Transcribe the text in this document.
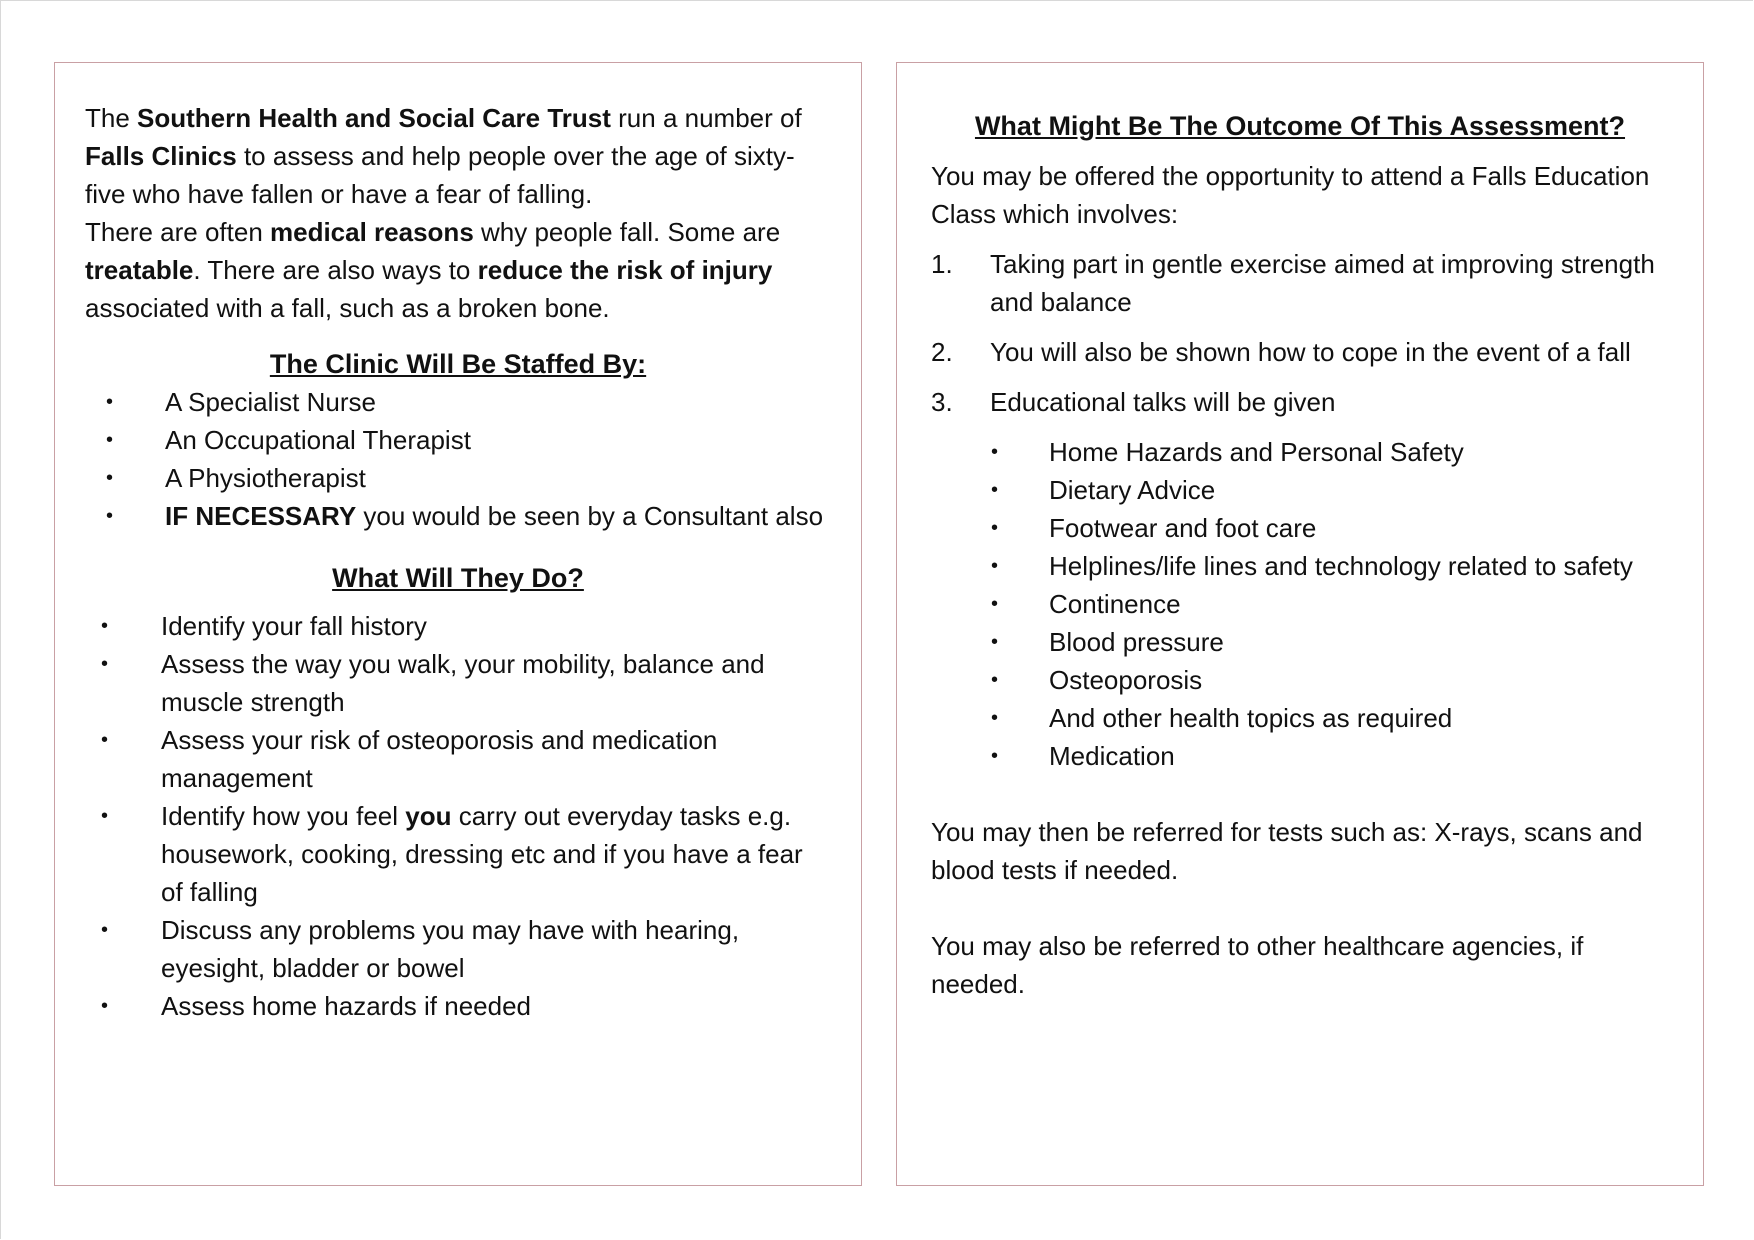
The Southern Health and Social Care Trust run a number of Falls Clinics to assess and help people over the age of sixty-five who have fallen or have a fear of falling.

There are often medical reasons why people fall. Some are treatable. There are also ways to reduce the risk of injury associated with a fall, such as a broken bone.

The Clinic Will Be Staffed By:
• A Specialist Nurse
• An Occupational Therapist
• A Physiotherapist
• IF NECESSARY you would be seen by a Consultant also
What Will They Do?
• Identify your fall history
• Assess the way you walk, your mobility, balance and muscle strength
• Assess your risk of osteoporosis and medication management
• Identify how you feel you carry out everyday tasks e.g. housework, cooking, dressing etc and if you have a fear of falling
• Discuss any problems you may have with hearing, eyesight, bladder or bowel
• Assess home hazards if needed
What Might Be The Outcome Of This Assessment?

You may be offered the opportunity to attend a Falls Education Class which involves:

1. Taking part in gentle exercise aimed at improving strength and balance
2. You will also be shown how to cope in the event of a fall
3. Educational talks will be given
• Home Hazards and Personal Safety
• Dietary Advice
• Footwear and foot care
• Helplines/life lines and technology related to safety
• Continence
• Blood pressure
• Osteoporosis
• And other health topics as required
• Medication

You may then be referred for tests such as: X-rays, scans and blood tests if needed.

You may also be referred to other healthcare agencies, if needed.
